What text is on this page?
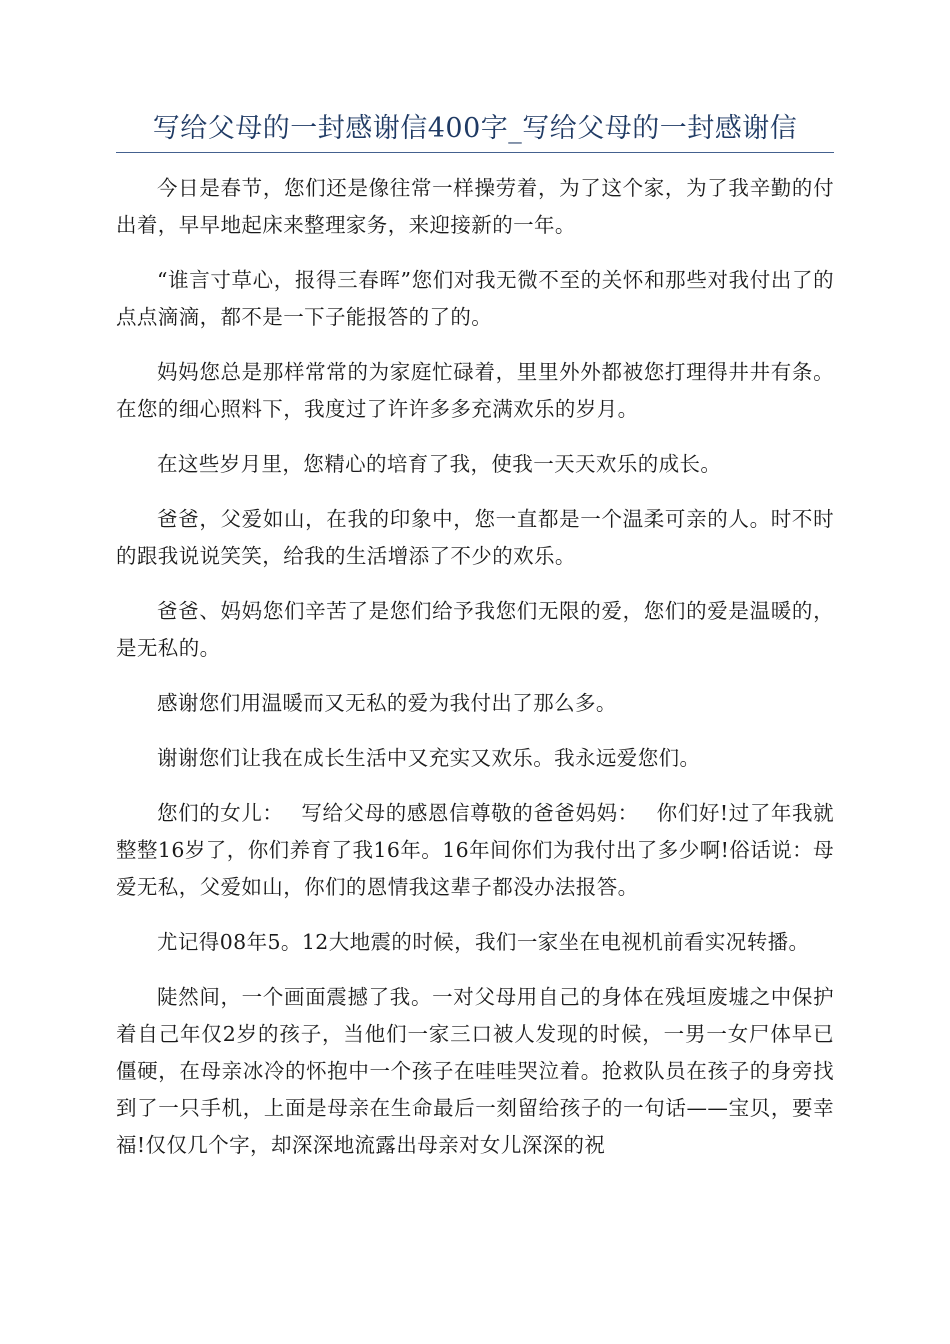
写给父母的一封感谢信400字_写给父母的一封感谢信

今日是春节，您们还是像往常一样操劳着，为了这个家，为了我辛勤的付出着，早早地起床来整理家务，来迎接新的一年。

“谁言寸草心，报得三春晖”您们对我无微不至的关怀和那些对我付出了的点点滴滴，都不是一下子能报答的了的。

妈妈您总是那样常常的为家庭忙碌着，里里外外都被您打理得井井有条。在您的细心照料下，我度过了许许多多充满欢乐的岁月。

在这些岁月里，您精心的培育了我，使我一天天欢乐的成长。

爸爸，父爱如山，在我的印象中，您一直都是一个温柔可亲的人。时不时的跟我说说笑笑，给我的生活增添了不少的欢乐。

爸爸、妈妈您们辛苦了是您们给予我您们无限的爱，您们的爱是温暖的，是无私的。

感谢您们用温暖而又无私的爱为我付出了那么多。

谢谢您们让我在成长生活中又充实又欢乐。我永远爱您们。

您们的女儿：　 写给父母的感恩信尊敬的爸爸妈妈：　 你们好!过了年我就整整16岁了，你们养育了我16年。16年间你们为我付出了多少啊!俗话说：母爱无私，父爱如山，你们的恩情我这辈子都没办法报答。

尤记得08年5。12大地震的时候，我们一家坐在电视机前看实况转播。

陡然间，一个画面震撼了我。一对父母用自己的身体在残垣废墟之中保护着自己年仅2岁的孩子，当他们一家三口被人发现的时候，一男一女尸体早已僵硬，在母亲冰冷的怀抱中一个孩子在哇哇哭泣着。抢救队员在孩子的身旁找到了一只手机，上面是母亲在生命最后一刻留给孩子的一句话——宝贝，要幸福!仅仅几个字，却深深地流露出母亲对女儿深深的祝
